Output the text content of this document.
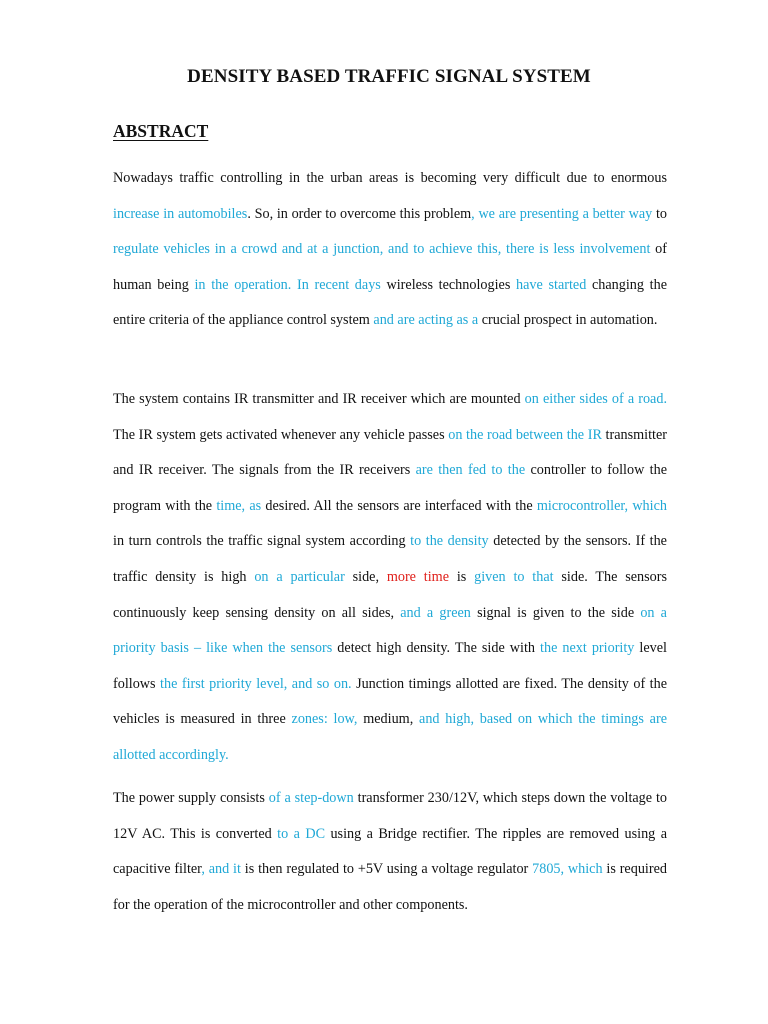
DENSITY BASED TRAFFIC SIGNAL SYSTEM
ABSTRACT

Nowadays traffic controlling in the urban areas is becoming very difficult due to enormous increase in automobiles. So, in order to overcome this problem, we are presenting a better way to regulate vehicles in a crowd and at a junction, and to achieve this, there is less involvement of human being in the operation. In recent days wireless technologies have started changing the entire criteria of the appliance control system and are acting as a crucial prospect in automation.

The system contains IR transmitter and IR receiver which are mounted on either sides of a road. The IR system gets activated whenever any vehicle passes on the road between the IR transmitter and IR receiver. The signals from the IR receivers are then fed to the controller to follow the program with the time, as desired. All the sensors are interfaced with the microcontroller, which in turn controls the traffic signal system according to the density detected by the sensors. If the traffic density is high on a particular side, more time is given to that side. The sensors continuously keep sensing density on all sides, and a green signal is given to the side on a priority basis – like when the sensors detect high density. The side with the next priority level follows the first priority level, and so on. Junction timings allotted are fixed. The density of the vehicles is measured in three zones: low, medium, and high, based on which the timings are allotted accordingly.

The power supply consists of a step-down transformer 230/12V, which steps down the voltage to 12V AC. This is converted to a DC using a Bridge rectifier. The ripples are removed using a capacitive filter, and it is then regulated to +5V using a voltage regulator 7805, which is required for the operation of the microcontroller and other components.
